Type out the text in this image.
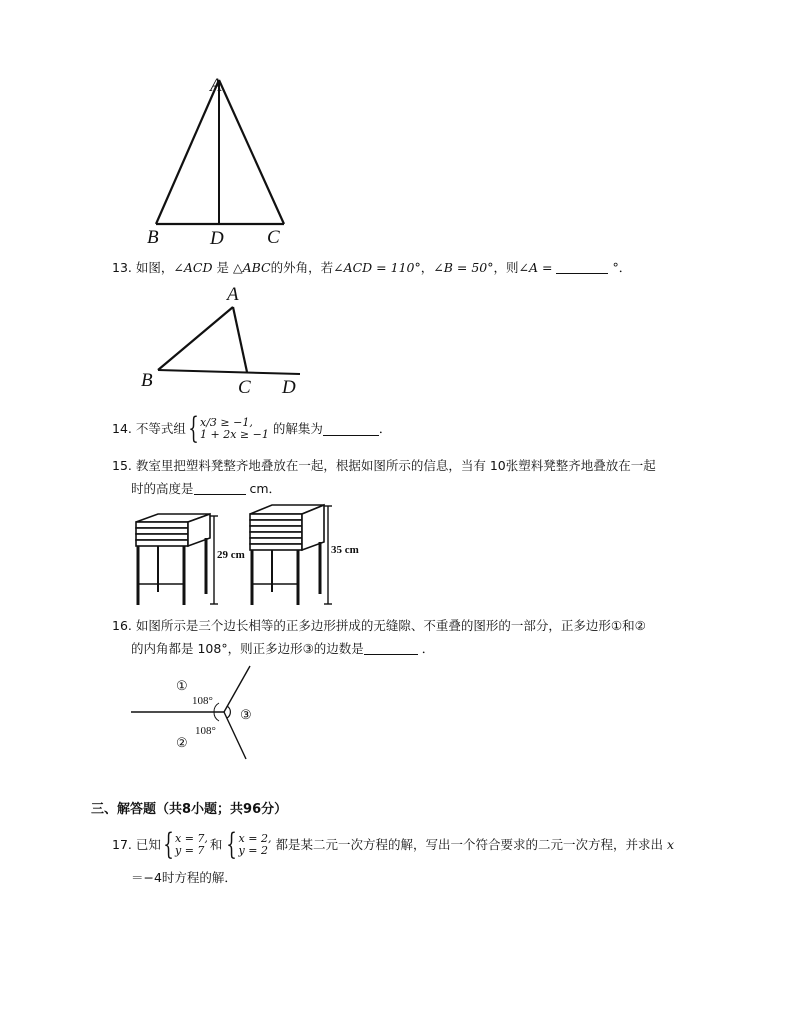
A
B	D C
13. 如图，∠ACD 是 △ABC的外角，若∠ACD = 110°，∠B = 50°，则∠A =	°．
A
B	C D
14. 不等式组 { x/3 ≥ −1,
1 + 2x ≥ −1 的解集为	．
15. 教室里把塑料凳整齐地叠放在一起，根据如图所示的信息，当有 10张塑料凳整齐地叠放在一起
时的高度是	cm．
29 cm	35 cm
16. 如图所示是三个边长相等的正多边形拼成的无缝隙、不重叠的图形的一部分，正多边形①和②
的内角都是 108°，则正多边形③的边数是	．
①
108°
③
108°
②
三、解答题（共8小题；共96分）
17. 已知 { x = 7,
y = 7 和 { x = 2,
y = 2 都是某二元一次方程的解，写出一个符合要求的二元一次方程，并求出 x
＝−4时方程的解．
